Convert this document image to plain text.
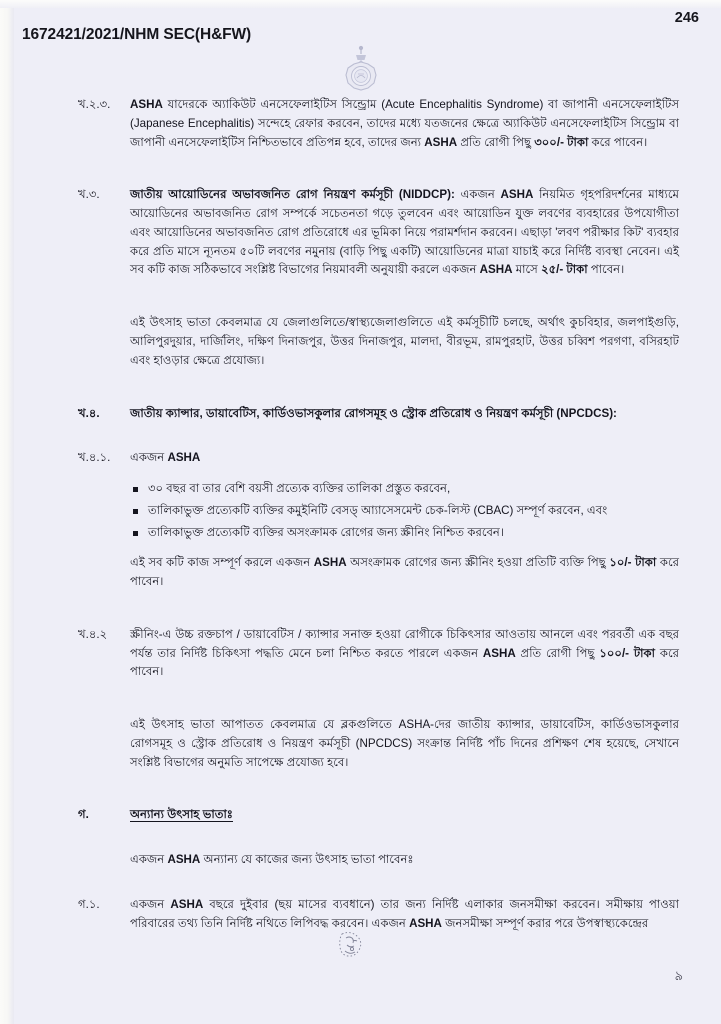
1672421/2021/NHM SEC(H&FW)
246
খ.২.৩.	ASHA যাদেরকে অ্যাকিউট এনসেফেলাইটিস সিন্ড্রোম (Acute Encephalitis Syndrome) বা জাপানী এনসেফেলাইটিস (Japanese Encephalitis) সন্দেহে রেফার করবেন, তাদের মধ্যে যতজনের ক্ষেত্রে অ্যাকিউট এনসেফেলাইটিস সিন্ড্রোম বা জাপানী এনসেফেলাইটিস নিশ্চিতভাবে প্রতিপন্ন হবে, তাদের জন্য ASHA প্রতি রোগী পিছু ৩০০/- টাকা করে পাবেন।
খ.৩.	জাতীয় আয়োডিনের অভাবজনিত রোগ নিয়ন্ত্রণ কর্মসূচী (NIDDCP): একজন ASHA নিয়মিত গৃহপরিদর্শনের মাধ্যমে আয়োডিনের অভাবজনিত রোগ সম্পর্কে সচেতনতা গড়ে তুলবেন এবং আয়োডিন যুক্ত লবণের ব্যবহারের উপযোগীতা এবং আয়োডিনের অভাবজনিত রোগ প্রতিরোধে এর ভূমিকা নিয়ে পরামর্শদান করবেন। এছাড়া 'লবণ পরীক্ষার কিট' ব্যবহার করে প্রতি মাসে ন্যূনতম ৫০টি লবণের নমুনায় (বাড়ি পিছু একটি) আয়োডিনের মাত্রা যাচাই করে নির্দিষ্ট ব্যবস্থা নেবেন। এই সব কটি কাজ সঠিকভাবে সংশ্লিষ্ট বিভাগের নিয়মাবলী অনুযায়ী করলে একজন ASHA মাসে ২৫/- টাকা পাবেন।
এই উৎসাহ ভাতা কেবলমাত্র যে জেলাগুলিতে/স্বাস্থ্যজেলাগুলিতে এই কর্মসূচীটি চলছে, অর্থাৎ কুচবিহার, জলপাইগুড়ি, আলিপুরদুয়ার, দার্জিলিং, দক্ষিণ দিনাজপুর, উত্তর দিনাজপুর, মালদা, বীরভূম, রামপুরহাট, উত্তর চব্বিশ পরগণা, বসিরহাট এবং হাওড়ার ক্ষেত্রে প্রযোজ্য।
খ.৪.	জাতীয় ক্যান্সার, ডায়াবেটিস, কার্ডিওভাসকুলার রোগসমূহ ও স্ট্রোক প্রতিরোধ ও নিয়ন্ত্রণ কর্মসূচী (NPCDCS):
খ.৪.১.	একজন ASHA
৩০ বছর বা তার বেশি বয়সী প্রত্যেক ব্যক্তির তালিকা প্রস্তুত করবেন,
তালিকাভুক্ত প্রত্যেকটি ব্যক্তির কমুইনিটি বেসড্ আ্যাসেসমেন্ট চেক-লিস্ট (CBAC) সম্পূর্ণ করবেন, এবং
তালিকাভুক্ত প্রত্যেকটি ব্যক্তির অসংক্রামক রোগের জন্য স্ক্রীনিং নিশ্চিত করবেন।
এই সব কটি কাজ সম্পূর্ণ করলে একজন ASHA অসংক্রামক রোগের জন্য স্ক্রীনিং হওয়া প্রতিটি ব্যক্তি পিছু ১০/- টাকা করে পাবেন।
খ.৪.২	স্ক্রীনিং-এ উচ্চ রক্তচাপ / ডায়াবেটিস / ক্যান্সার সনাক্ত হওয়া রোগীকে চিকিৎসার আওতায় আনলে এবং পরবর্তী এক বছর পর্যন্ত তার নির্দিষ্ট চিকিৎসা পদ্ধতি মেনে চলা নিশ্চিত করতে পারলে একজন ASHA প্রতি রোগী পিছু ১০০/- টাকা করে পাবেন।
এই উৎসাহ ভাতা আপাতত কেবলমাত্র যে ব্লকগুলিতে ASHA-দের জাতীয় ক্যান্সার, ডায়াবেটিস, কার্ডিওভাসকুলার রোগসমূহ ও স্ট্রোক প্রতিরোধ ও নিয়ন্ত্রণ কর্মসূচী (NPCDCS) সংক্রান্ত নির্দিষ্ট পাঁচ দিনের প্রশিক্ষণ শেষ হয়েছে, সেখানে সংশ্লিষ্ট বিভাগের অনুমতি সাপেক্ষে প্রযোজ্য হবে।
গ.	অন্যান্য উৎসাহ ভাতাঃ
একজন ASHA অন্যান্য যে কাজের জন্য উৎসাহ ভাতা পাবেনঃ
গ.১.	একজন ASHA বছরে দুইবার (ছয় মাসের ব্যবধানে) তার জন্য নির্দিষ্ট এলাকার জনসমীক্ষা করবেন। সমীক্ষায় পাওয়া পরিবারের তথ্য তিনি নির্দিষ্ট নথিতে লিপিবদ্ধ করবেন। একজন ASHA জনসমীক্ষা সম্পূর্ণ করার পরে উপস্বাস্থ্যকেন্দ্রের
৯
